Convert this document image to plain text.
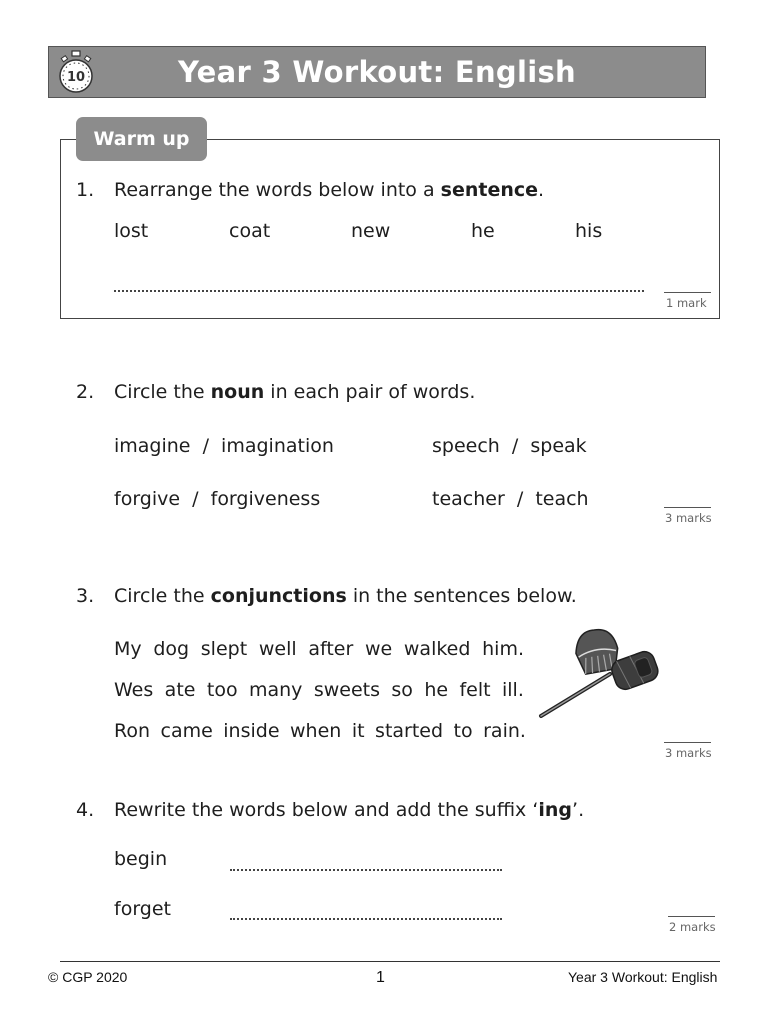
Year 3 Workout: English
10
Warm up
1. Rearrange the words below into a sentence.
lost	coat	new	he	his
1 mark
2. Circle the noun in each pair of words.
imagine  /  imagination	speech  /  speak
forgive  /  forgiveness	teacher  /  teach
3 marks
3. Circle the conjunctions in the sentences below.
My dog slept well after we walked him.
Wes ate too many sweets so he felt ill.
Ron came inside when it started to rain.
3 marks
4. Rewrite the words below and add the suffix ‘ing’.
begin
forget
2 marks
© CGP 2020	1	Year 3 Workout: English
